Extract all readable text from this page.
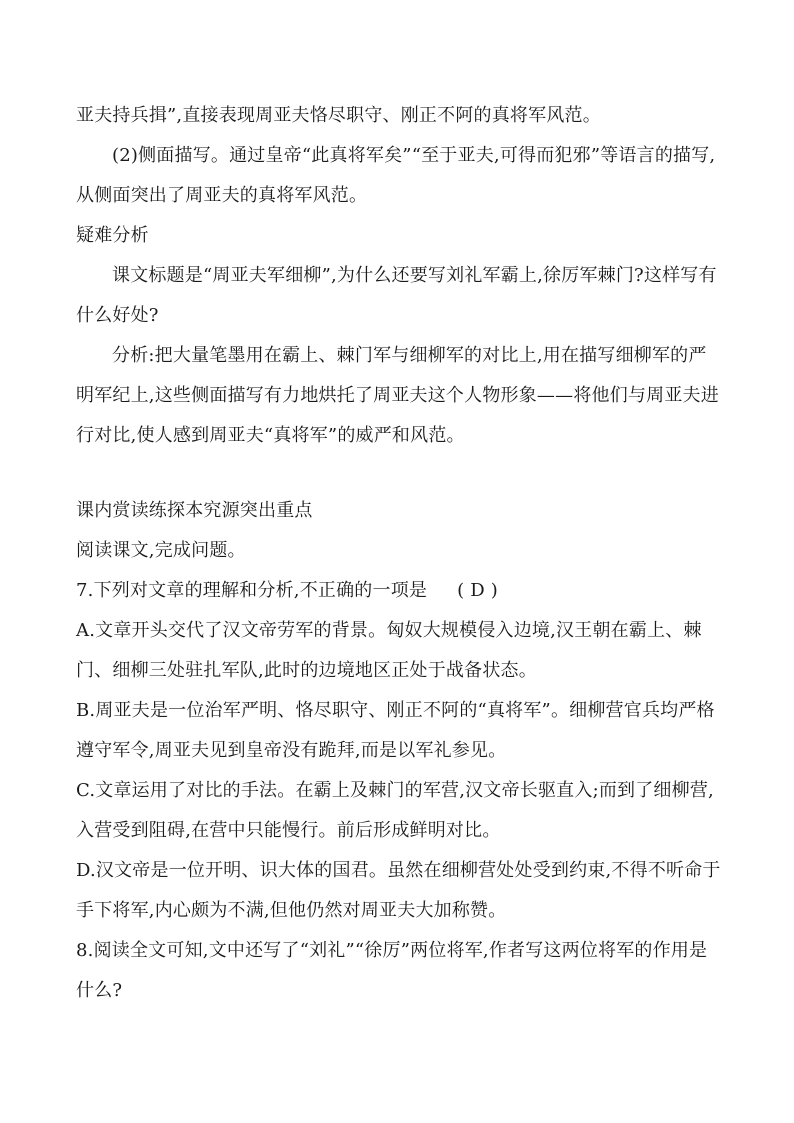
亚夫持兵揖”,直接表现周亚夫恪尽职守、刚正不阿的真将军风范。

(2)侧面描写。通过皇帝“此真将军矣”“至于亚夫,可得而犯邪”等语言的描写,从侧面突出了周亚夫的真将军风范。

疑难分析

课文标题是“周亚夫军细柳”,为什么还要写刘礼军霸上,徐厉军棘门?这样写有什么好处?

分析:把大量笔墨用在霸上、棘门军与细柳军的对比上,用在描写细柳军的严明军纪上,这些侧面描写有力地烘托了周亚夫这个人物形象——将他们与周亚夫进行对比,使人感到周亚夫“真将军”的威严和风范。

课内赏读练探本究源突出重点

阅读课文,完成问题。

7.下列对文章的理解和分析,不正确的一项是 ( D )

A.文章开头交代了汉文帝劳军的背景。匈奴大规模侵入边境,汉王朝在霸上、棘门、细柳三处驻扎军队,此时的边境地区正处于战备状态。

B.周亚夫是一位治军严明、恪尽职守、刚正不阿的“真将军”。细柳营官兵均严格遵守军令,周亚夫见到皇帝没有跪拜,而是以军礼参见。

C.文章运用了对比的手法。在霸上及棘门的军营,汉文帝长驱直入;而到了细柳营,入营受到阻碍,在营中只能慢行。前后形成鲜明对比。

D.汉文帝是一位开明、识大体的国君。虽然在细柳营处处受到约束,不得不听命于手下将军,内心颇为不满,但他仍然对周亚夫大加称赞。

8.阅读全文可知,文中还写了“刘礼”“徐厉”两位将军,作者写这两位将军的作用是什么?
